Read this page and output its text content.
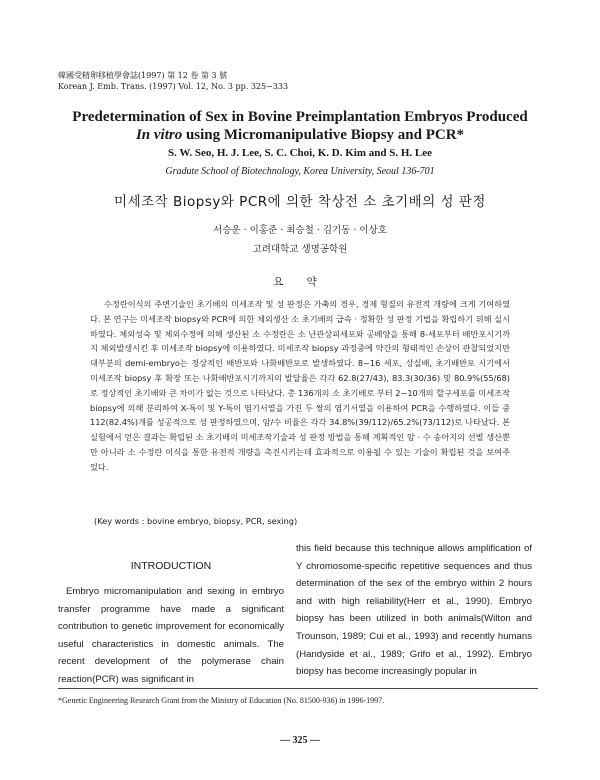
韓國受精卵移植學會誌(1997) 第 12 卷 第 3 號
Korean J. Emb. Trans. (1997) Vol. 12, No. 3 pp. 325~333
Predetermination of Sex in Bovine Preimplantation Embryos Produced
In vitro using Micromanipulative Biopsy and PCR*
S. W. Seo, H. J. Lee, S. C. Choi, K. D. Kim and S. H. Lee
Gradute School of Biotechnology, Korea University, Seoul 136-701
미세조작 Biopsy와 PCR에 의한 착상전 소 초기배의 성 판정
서승운 · 이홍준 · 최승철 · 김기동 · 이상호
고려대학교 생명공학원
요 약

수정란이식의 주변기술인 초기배의 미세조작 및 성 판정은 가축의 경우, 경제 형질의 유전적 개량에 크게 기여하였다. 본 연구는 미세조작 biopsy와 PCR에 의한 체외생산 소 초기배의 급속 · 정확한 성 판정 기법을 확립하기 위해 실시하였다. 체외성숙 및 체외수정에 의해 생산된 소 수정란은 소 난관상피세포와 공배양을 통해 8-세포부터 배반포시기까지 체외발생시킨 후 미세조작 biopsy에 이용하였다. 미세조작 biopsy 과정중에 약간의 형태적인 손상이 관찰되었지만 대부분의 demi-embryo는 정상적인 배반포와 나화배반포로 발생하였다. 8~16 세포, 상실배, 초기배반포 시기에서 미세조작 biopsy 후 확장 또는 나화배반포시기까지의 발달율은 각각 62.8(27/43), 83.3(30/36) 및 80.9%(55/68)로 정상적인 초기배와 큰 차이가 없는 것으로 나타났다. 총 136개의 소 초기배로 부터 2~10개의 할구세포를 미세조작 biopsy에 의해 분리하여 X-특이 및 Y-특이 염기서열을 가진 두 쌍의 염기서열을 이용하여 PCR을 수행하였다. 이들 중 112(82.4%)개를 성공적으로 성 판정하였으며, 암/수 비율은 각각 34.8%(39/112)/65.2%(73/112)로 나타났다. 본 실험에서 얻은 결과는 확립된 소 초기배의 미세조작기술과 성 판정 방법을 통해 계획적인 암 · 수 송아지의 선별 생산뿐만 아니라 소 수정란 이식을 통한 유전적 개량을 촉진시키는데 효과적으로 이용될 수 있는 기술이 확립된 것을 보여주었다.

(Key words : bovine embryo, biopsy, PCR, sexing)
INTRODUCTION

Embryo micromanipulation and sexing in embryo transfer programme have made a significant contribution to genetic improvement for economically useful characteristics in domestic animals. The recent development of the polymerase chain reaction(PCR) was significant in

this field because this technique allows amplification of Y chromosome-specific repetitive sequences and thus determination of the sex of the embryo within 2 hours and with high reliability(Herr et al., 1990). Embryo biopsy has been utilized in both animals(Wilton and Trounson, 1989; Cui et al., 1993) and recently humans (Handyside et al., 1989; Grifo et al., 1992). Embryo biopsy has become increasingly popular in

*Genetic Engineering Research Grant from the Ministry of Education (No. 81500-936) in 1996-1997.
— 325 —
